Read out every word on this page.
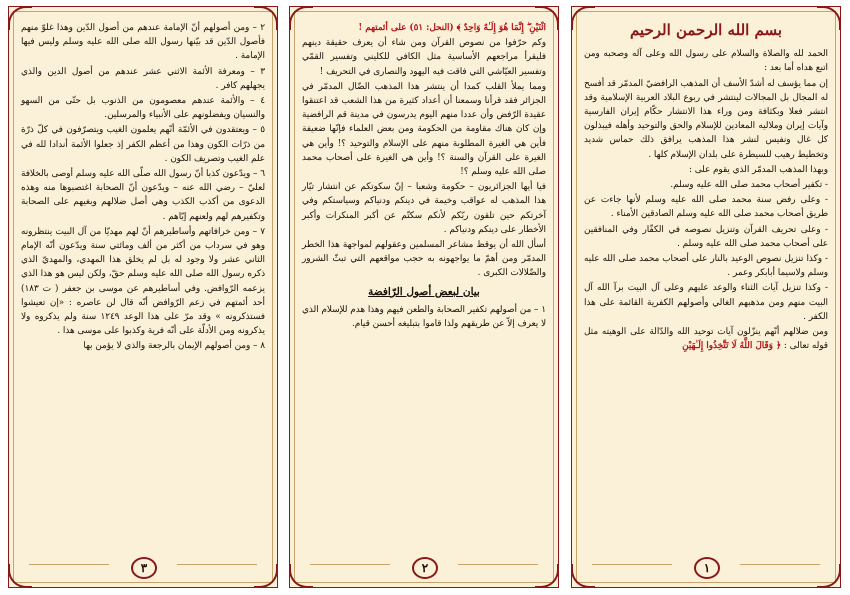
بسم الله الرحمن الرحيم

الحمد لله والصلاة والسلام على رسول الله وعلى آله وصحبه ومن اتبع هداه أما بعد :

إن مما يؤسف له أشدّ الأسف أن المذهب الرافضيّ المدمّر قد أفسح له المجال بل المجالات لينتشر في ربوع البلاد العربية الإسلامية وقد انتشر فعلا وبكثافة ومن وراء هذا الانتشار حكّام إيران الفارسية وآيات إيران وملاليه المعادين للإسلام والحق والتوحيد وأهله فيبذلون كل غال ونفيس لنشر هذا المذهب يرافق ذلك حماس شديد وتخطيط رهيب للسيطرة على بلدان الإسلام كلها .

وبهذا المذهب المدمّر الذي يقوم على :

- تكفير أصحاب محمد صلى الله عليه وسلم.

- وعلى رفض سنة محمد صلى الله عليه وسلم لأنها جاءت عن طريق أصحاب محمد صلى الله عليه وسلم الصادقين الأمناء .

- وعلى تحريف القرآن وتنزيل نصوصه في الكفّار وفي المنافقين على أصحاب محمد صلى الله عليه وسلم .

- وكذا تنزيل نصوص الوعيد بالنار على أصحاب محمد صلى الله عليه وسلم ولاسيما أبابكر وعمر .

- وكذا تنزيل آيات الثناء والوعد عليهم وعلى آل البيت برآ الله آل البيت منهم ومن مذهبهم الغالي وأصولهم الكفرية القائمة على هذا الكفر .

ومن ضلالهم أنّهم ينزّلون آيات توحيد الله والدّالة على الوهيته مثل قوله تعالى : ﴿ وَقَالَ اللَّهُ لَا تَتَّخِذُوا إِلَـٰهَيْنِ

١

اثْنَيْنِ ۖ إِنَّمَا هُوَ إِلَـٰهٌ وَاحِدٌ ﴾ (النحل: ٥١) على أئمتهم !

وكم حرّفوا من نصوص القرآن ومن شاء أن يعرف حقيقة دينهم فليقرأ مراجعهم الأساسية مثل الكافي للكليني وتفسير القمّي وتفسير العيّاشي التي فاقت فيه اليهود والنصارى في التحريف !

ومما يملأ القلب كمدا أن ينتشر هذا المذهب الضّال المدمّر في الجزائر فقد قرأنا وسمعنا أن أعداد كثيرة من هذا الشعب قد اعتنقوا عقيدة الرّفض وأن عددا منهم اليوم يدرسون في مدينة قم الرافضية وإن كان هناك مقاومة من الحكومة ومن بعض العلماء فإنّها ضعيفة فأين هي الغيرة المطلوبة منهم على الإسلام والتوحيد ؟! وأين هي الغيرة على القرآن والسنة ؟! وأين هي الغيرة على أصحاب محمد صلى الله عليه وسلم ؟!

فيا أيها الجزائريون – حكومة وشعبا – إنّ سكوتكم عن انتشار تيّار هذا المذهب له عواقب وخيمة في دينكم ودنياكم وسياستكم وفي آخرتكم حين تلقون ربّكم لأنكم سكتّم عن أكبر المنكرات وأكبر الأخطار على دينكم ودنياكم .

أسأل الله أن يوقظ مشاعر المسلمين وعقولهم لمواجهة هذا الخطر المدمّر ومن أهمّ ما يواجهونه به حجب مواقعهم التي تبثّ الشرور والضّلالات الكبرى .

بيان لبعض أصول الرّافضة

١ – من أصولهم تكفير الصحابة والطعن فيهم وهذا هدم للإسلام الذي لا يعرف إلاّ عن طريقهم ولذا قاموا بتبليغه أحسن قيام.

٢

٢ – ومن أصولهم أنّ الإمامة عندهم من أصول الدّين وهذا غلوّ منهم فأصول الدّين قد بيّنها رسول الله صلى الله عليه وسلم وليس فيها الإمامة .

٣ – ومعرفة الأئمة الاثني عشر عندهم من أصول الدين والذي يجهلهم كافر .

٤ – والأئمة عندهم معصومون من الذنوب بل حتّى من السهو والنسيان ويفضلونهم على الأنبياء والمرسلين.

٥ – ويعتقدون في الأئمّة أنّهم يعلمون الغيب ويتصرّفون في كلّ ذرّة من ذرّات الكون وهذا من أعظم الكفر إذ جعلوا الأئمة أندادا لله في علم الغيب وتصريف الكون .

٦ – ويدّعون كذبا أنّ رسول الله صلّى الله عليه وسلم أوصى بالخلافة لعليّ – رضي الله عنه – ويدّعون أنّ الصحابة اغتصبوها منه وهذه الدعوى من أكذب الكذب وهي أصل ضلالهم وبغيهم على الصحابة وتكفيرهم لهم ولعنهم إيّاهم .

٧ – ومن خرافاتهم وأساطيرهم أنّ لهم مهديّا من آل البيت ينتظرونه وهو في سرداب من أكثر من ألف ومائتي سنة ويدّعون أنّه الإمام الثاني عشر ولا وجود له بل لم يخلق هذا المهدي، والمهديّ الذي ذكره رسول الله صلى الله عليه وسلم حقّ، ولكن ليس هو هذا الذي يزعمه الرّوافض. وفي أساطيرهم عن موسى بن جعفر ( ت ١٨٣) أحد أئمتهم في زعم الرّوافض أنّه قال لن عاصره : «إن تعيشوا فستذكرونه » وقد مرّ على هذا الوعد ١٢٤٩ سنة ولم يذكروه ولا يذكرونه ومن الأدلّة على أنّه فرية وكذبوا على موسى هذا .

٨ – ومن أصولهم الإيمان بالرجعة والذي لا يؤمن بها

٣
